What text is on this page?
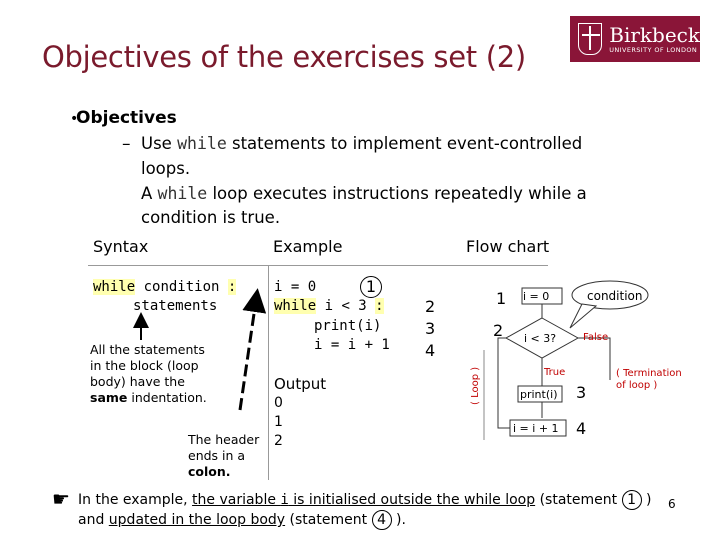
Objectives of the exercises set (2)
Birkbeck
UNIVERSITY OF LONDON
•
Objectives
– Use while statements to implement event-controlled
loops.
A while loop executes instructions repeatedly while a
condition is true.
Syntax	Example	Flow chart
while condition :
statements
All the statements
in the block (loop
body) have the
same indentation.
The header
ends in a
colon.
i = 0
while i < 3 :
print(i)
i = i + 1
1
2
3
4
Output
0
1
2
i = 0	condition
i < 3?	False
True
print(i)
i = i + 1
( Loop )	( Termination
of loop )
1
2
3
4
☛ In the example, the variable i is initialised outside the while loop (statement 1 )
and updated in the loop body (statement 4 ).
6
